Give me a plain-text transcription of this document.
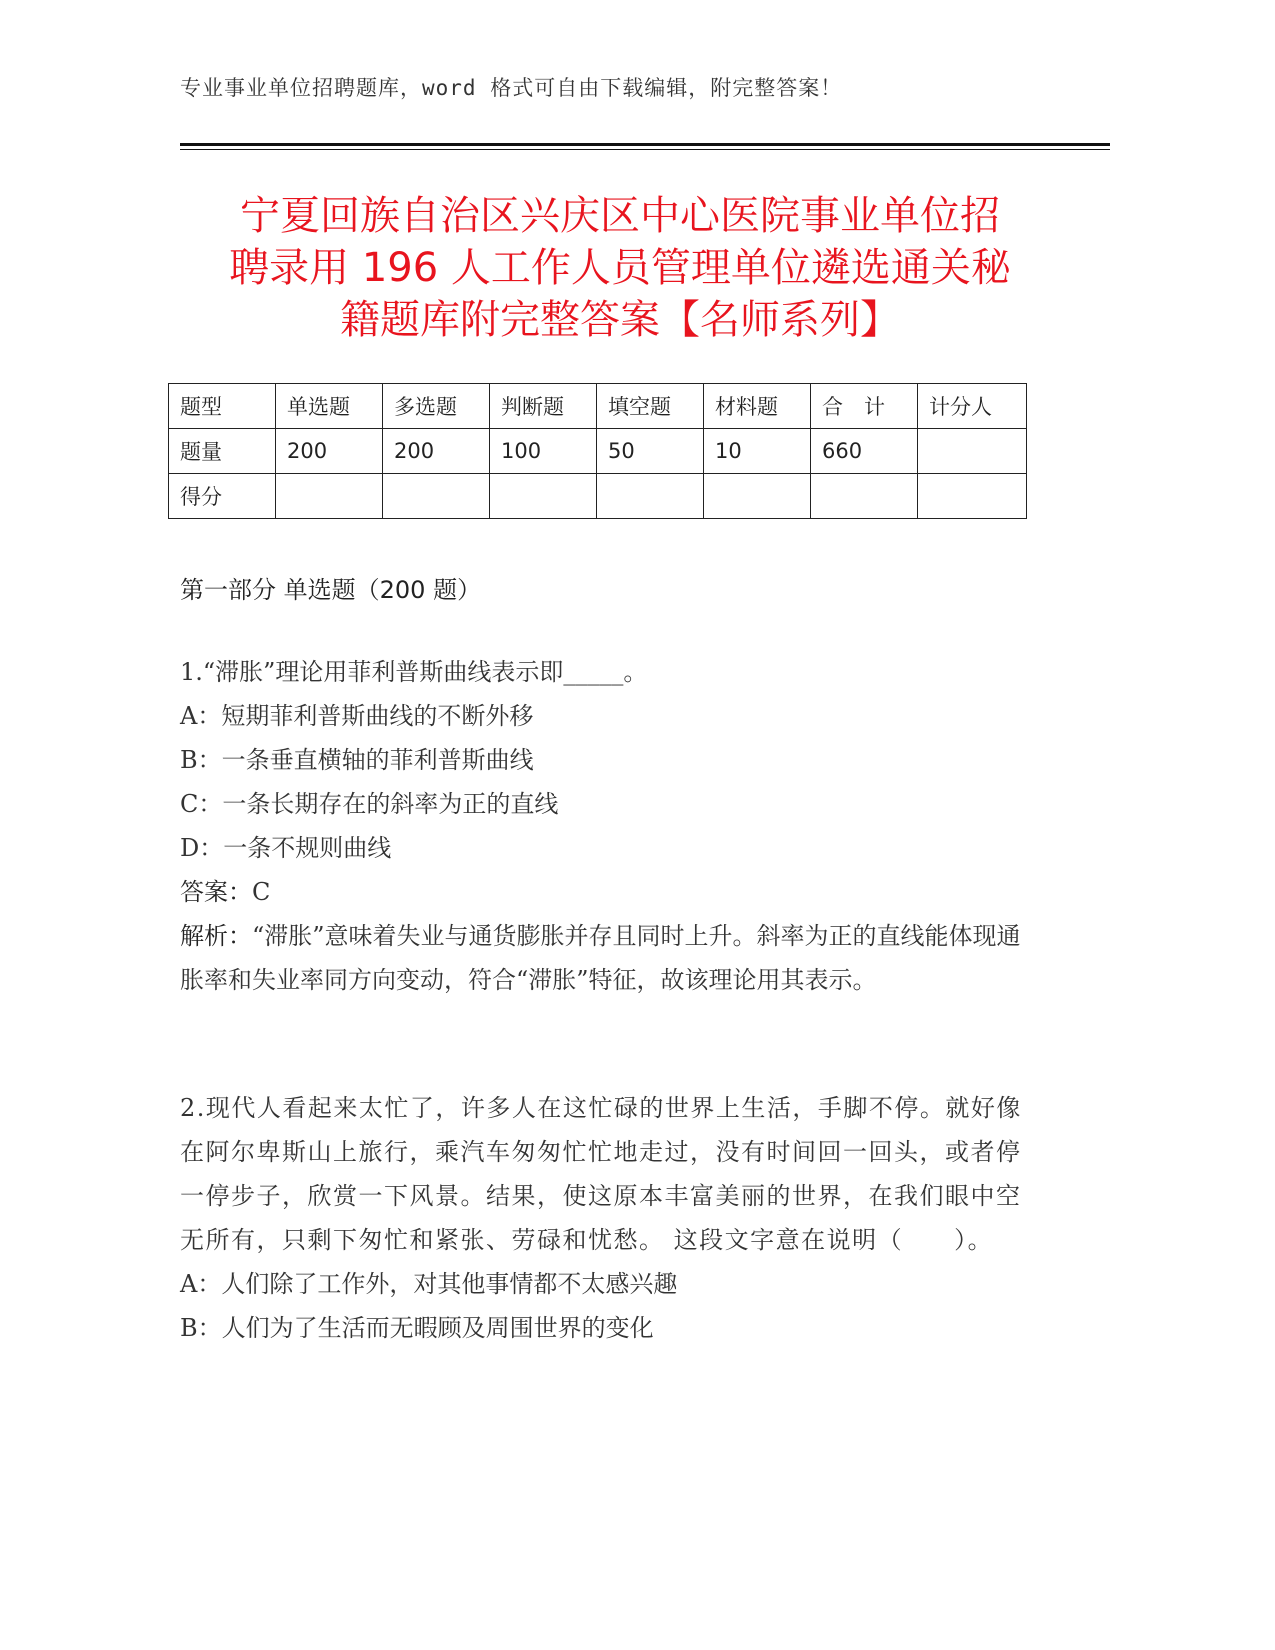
专业事业单位招聘题库，word 格式可自由下载编辑，附完整答案！
宁夏回族自治区兴庆区中心医院事业单位招
聘录用 196 人工作人员管理单位遴选通关秘
籍题库附完整答案【名师系列】
题型	单选题	多选题	判断题	填空题	材料题	合　计	计分人
题量	200	200	100	50	10	660	
得分							
第一部分 单选题（200 题）

1.“滞胀”理论用菲利普斯曲线表示即_____。

A：短期菲利普斯曲线的不断外移

B：一条垂直横轴的菲利普斯曲线

C：一条长期存在的斜率为正的直线

D：一条不规则曲线

答案：C

解析：“滞胀”意味着失业与通货膨胀并存且同时上升。斜率为正的直线能体现通胀率和失业率同方向变动，符合“滞胀”特征，故该理论用其表示。

2.现代人看起来太忙了，许多人在这忙碌的世界上生活，手脚不停。就好像在阿尔卑斯山上旅行，乘汽车匆匆忙忙地走过，没有时间回一回头，或者停一停步子，欣赏一下风景。结果，使这原本丰富美丽的世界，在我们眼中空无所有，只剩下匆忙和紧张、劳碌和忧愁。 这段文字意在说明（　　）。

A：人们除了工作外，对其他事情都不太感兴趣

B：人们为了生活而无暇顾及周围世界的变化
